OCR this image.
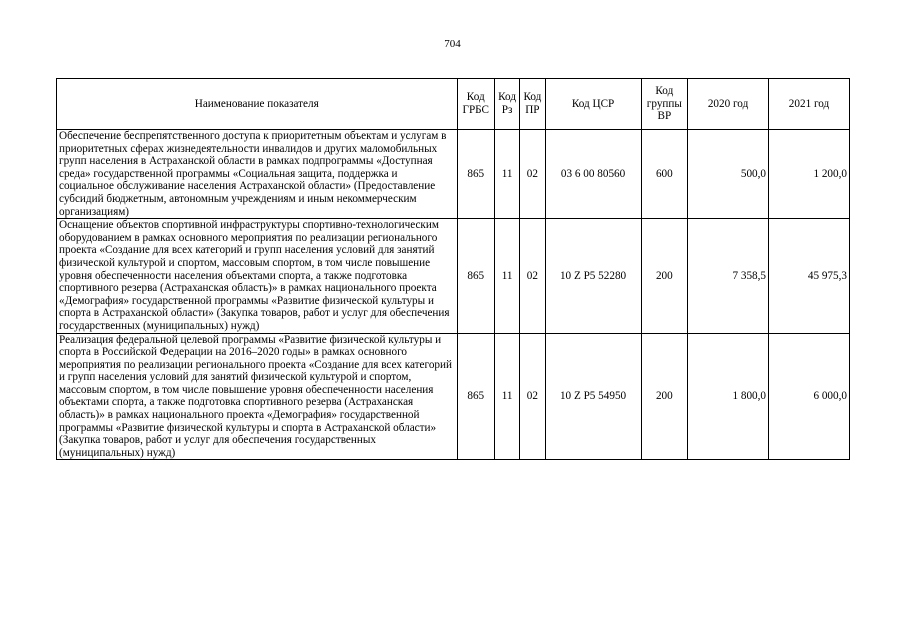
704
Наименование показателя	Код ГРБС	Код Рз	Код ПР	Код ЦСР	Код группы ВР	2020 год	2021 год
Обеспечение беспрепятственного доступа к приоритетным объектам и услугам в приоритетных сферах жизнедеятельности инвалидов и других маломобильных групп населения в Астраханской области в рамках подпрограммы «Доступная среда» государственной программы «Социальная защита, поддержка и социальное обслуживание населения Астраханской области» (Предоставление субсидий бюджетным, автономным учреждениям и иным некоммерческим организациям)	865	11	02	03 6 00 80560	600	500,0	1 200,0
Оснащение объектов спортивной инфраструктуры спортивно-технологическим оборудованием в рамках основного мероприятия по реализации регионального проекта «Создание для всех категорий и групп населения условий для занятий физической культурой и спортом, массовым спортом, в том числе повышение уровня обеспеченности населения объектами спорта, а также подготовка спортивного резерва (Астраханская область)» в рамках национального проекта «Демография» государственной программы «Развитие физической культуры и спорта в Астраханской области» (Закупка товаров, работ и услуг для обеспечения государственных (муниципальных) нужд)	865	11	02	10 Z P5 52280	200	7 358,5	45 975,3
Реализация федеральной целевой программы «Развитие физической культуры и спорта в Российской Федерации на 2016–2020 годы» в рамках основного мероприятия по реализации регионального проекта «Создание для всех категорий и групп населения условий для занятий физической культурой и спортом, массовым спортом, в том числе повышение уровня обеспеченности населения объектами спорта, а также подготовка спортивного резерва (Астраханская область)» в рамках национального проекта «Демография» государственной программы «Развитие физической культуры и спорта в Астраханской области» (Закупка товаров, работ и услуг для обеспечения государственных (муниципальных) нужд)	865	11	02	10 Z P5 54950	200	1 800,0	6 000,0
